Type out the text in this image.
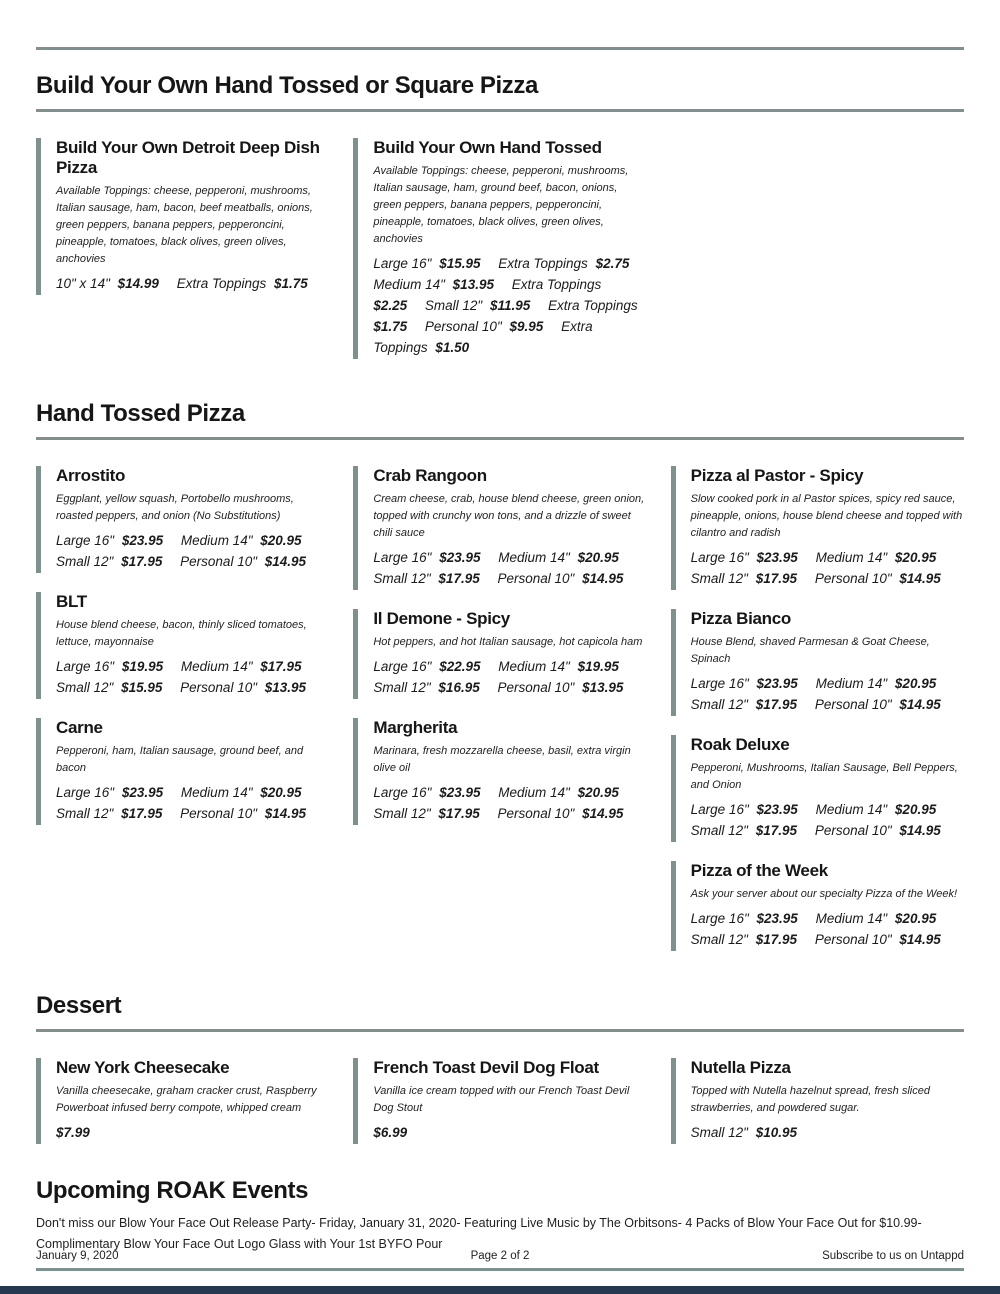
Build Your Own Hand Tossed or Square Pizza
Build Your Own Detroit Deep Dish Pizza
Available Toppings: cheese, pepperoni, mushrooms, Italian sausage, ham, bacon, beef meatballs, onions, green peppers, banana peppers, pepperoncini, pineapple, tomatoes, black olives, green olives, anchovies
10" x 14" $14.99 Extra Toppings $1.75
Build Your Own Hand Tossed
Available Toppings: cheese, pepperoni, mushrooms, Italian sausage, ham, ground beef, bacon, onions, green peppers, banana peppers, pepperoncini, pineapple, tomatoes, black olives, green olives, anchovies
Large 16" $15.95 Extra Toppings $2.75 Medium 14" $13.95 Extra Toppings $2.25 Small 12" $11.95 Extra Toppings $1.75 Personal 10" $9.95 Extra Toppings $1.50
Hand Tossed Pizza
Arrostito
Eggplant, yellow squash, Portobello mushrooms, roasted peppers, and onion (No Substitutions)
Large 16" $23.95 Medium 14" $20.95 Small 12" $17.95 Personal 10" $14.95
BLT
House blend cheese, bacon, thinly sliced tomatoes, lettuce, mayonnaise
Large 16" $19.95 Medium 14" $17.95 Small 12" $15.95 Personal 10" $13.95
Carne
Pepperoni, ham, Italian sausage, ground beef, and bacon
Large 16" $23.95 Medium 14" $20.95 Small 12" $17.95 Personal 10" $14.95
Crab Rangoon
Cream cheese, crab, house blend cheese, green onion, topped with crunchy won tons, and a drizzle of sweet chili sauce
Large 16" $23.95 Medium 14" $20.95 Small 12" $17.95 Personal 10" $14.95
Il Demone - Spicy
Hot peppers, and hot Italian sausage, hot capicola ham
Large 16" $22.95 Medium 14" $19.95 Small 12" $16.95 Personal 10" $13.95
Margherita
Marinara, fresh mozzarella cheese, basil, extra virgin olive oil
Large 16" $23.95 Medium 14" $20.95 Small 12" $17.95 Personal 10" $14.95
Pizza al Pastor - Spicy
Slow cooked pork in al Pastor spices, spicy red sauce, pineapple, onions, house blend cheese and topped with cilantro and radish
Large 16" $23.95 Medium 14" $20.95 Small 12" $17.95 Personal 10" $14.95
Pizza Bianco
House Blend, shaved Parmesan & Goat Cheese, Spinach
Large 16" $23.95 Medium 14" $20.95 Small 12" $17.95 Personal 10" $14.95
Roak Deluxe
Pepperoni, Mushrooms, Italian Sausage, Bell Peppers, and Onion
Large 16" $23.95 Medium 14" $20.95 Small 12" $17.95 Personal 10" $14.95
Pizza of the Week
Ask your server about our specialty Pizza of the Week!
Large 16" $23.95 Medium 14" $20.95 Small 12" $17.95 Personal 10" $14.95
Dessert
New York Cheesecake
Vanilla cheesecake, graham cracker crust, Raspberry Powerboat infused berry compote, whipped cream
$7.99
French Toast Devil Dog Float
Vanilla ice cream topped with our French Toast Devil Dog Stout
$6.99
Nutella Pizza
Topped with Nutella hazelnut spread, fresh sliced strawberries, and powdered sugar.
Small 12" $10.95
Upcoming ROAK Events
Don't miss our Blow Your Face Out Release Party- Friday, January 31, 2020- Featuring Live Music by The Orbitsons- 4 Packs of Blow Your Face Out for $10.99- Complimentary Blow Your Face Out Logo Glass with Your 1st BYFO Pour
January 9, 2020	Page 2 of 2	Subscribe to us on Untappd
